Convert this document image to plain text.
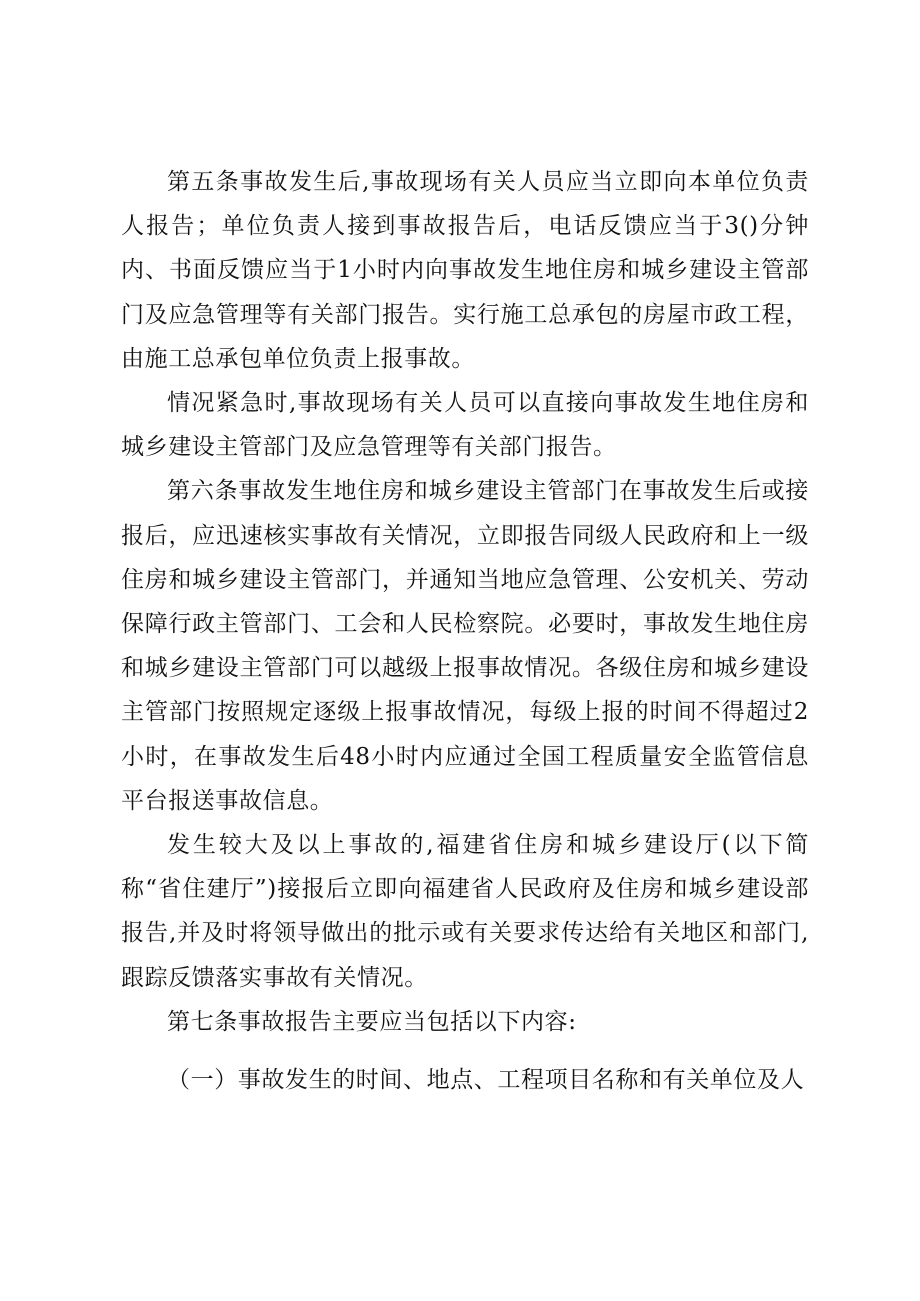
第五条事故发生后,事故现场有关人员应当立即向本单位负责人报告；单位负责人接到事故报告后，电话反馈应当于3()分钟内、书面反馈应当于1小时内向事故发生地住房和城乡建设主管部门及应急管理等有关部门报告。实行施工总承包的房屋市政工程，由施工总承包单位负责上报事故。

情况紧急时,事故现场有关人员可以直接向事故发生地住房和城乡建设主管部门及应急管理等有关部门报告。

第六条事故发生地住房和城乡建设主管部门在事故发生后或接报后，应迅速核实事故有关情况，立即报告同级人民政府和上一级住房和城乡建设主管部门，并通知当地应急管理、公安机关、劳动保障行政主管部门、工会和人民检察院。必要时，事故发生地住房和城乡建设主管部门可以越级上报事故情况。各级住房和城乡建设主管部门按照规定逐级上报事故情况，每级上报的时间不得超过2小时，在事故发生后48小时内应通过全国工程质量安全监管信息平台报送事故信息。

发生较大及以上事故的,福建省住房和城乡建设厅(以下简称“省住建厅”)接报后立即向福建省人民政府及住房和城乡建设部报告,并及时将领导做出的批示或有关要求传达给有关地区和部门,跟踪反馈落实事故有关情况。

第七条事故报告主要应当包括以下内容:

（一）事故发生的时间、地点、工程项目名称和有关单位及人
